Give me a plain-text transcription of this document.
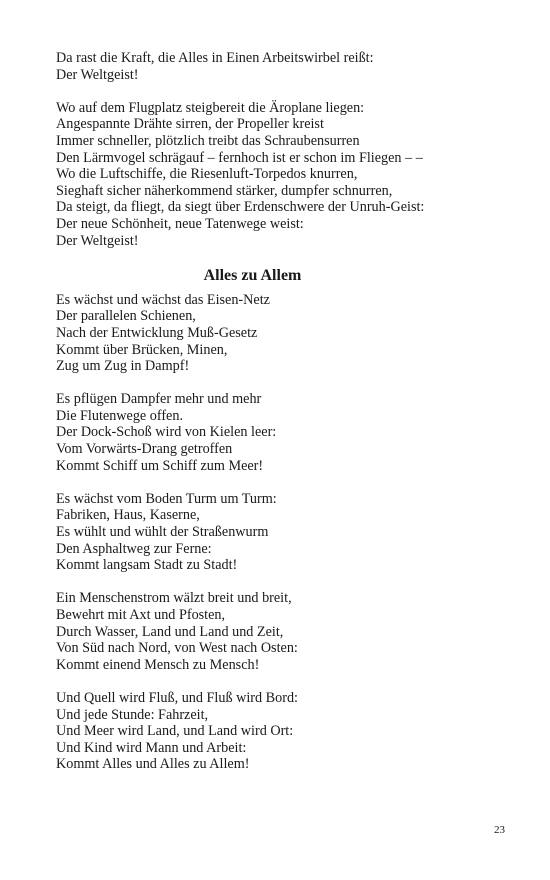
Da rast die Kraft, die Alles in Einen Arbeitswirbel reißt:
Der Weltgeist!
Wo auf dem Flugplatz steigbereit die Äroplane liegen:
Angespannte Drähte sirren, der Propeller kreist
Immer schneller, plötzlich treibt das Schraubensurren
Den Lärmvogel schrägauf – fernhoch ist er schon im Fliegen – –
Wo die Luftschiffe, die Riesenluft-Torpedos knurren,
Sieghaft sicher näherkommend stärker, dumpfer schnurren,
Da steigt, da fliegt, da siegt über Erdenschwere der Unruh-Geist:
Der neue Schönheit, neue Tatenwege weist:
Der Weltgeist!
Alles zu Allem
Es wächst und wächst das Eisen-Netz
Der parallelen Schienen,
Nach der Entwicklung Muß-Gesetz
Kommt über Brücken, Minen,
Zug um Zug in Dampf!
Es pflügen Dampfer mehr und mehr
Die Flutenwege offen.
Der Dock-Schoß wird von Kielen leer:
Vom Vorwärts-Drang getroffen
Kommt Schiff um Schiff zum Meer!
Es wächst vom Boden Turm um Turm:
Fabriken, Haus, Kaserne,
Es wühlt und wühlt der Straßenwurm
Den Asphaltweg zur Ferne:
Kommt langsam Stadt zu Stadt!
Ein Menschenstrom wälzt breit und breit,
Bewehrt mit Axt und Pfosten,
Durch Wasser, Land und Land und Zeit,
Von Süd nach Nord, von West nach Osten:
Kommt einend Mensch zu Mensch!
Und Quell wird Fluß, und Fluß wird Bord:
Und jede Stunde: Fahrzeit,
Und Meer wird Land, und Land wird Ort:
Und Kind wird Mann und Arbeit:
Kommt Alles und Alles zu Allem!
23
